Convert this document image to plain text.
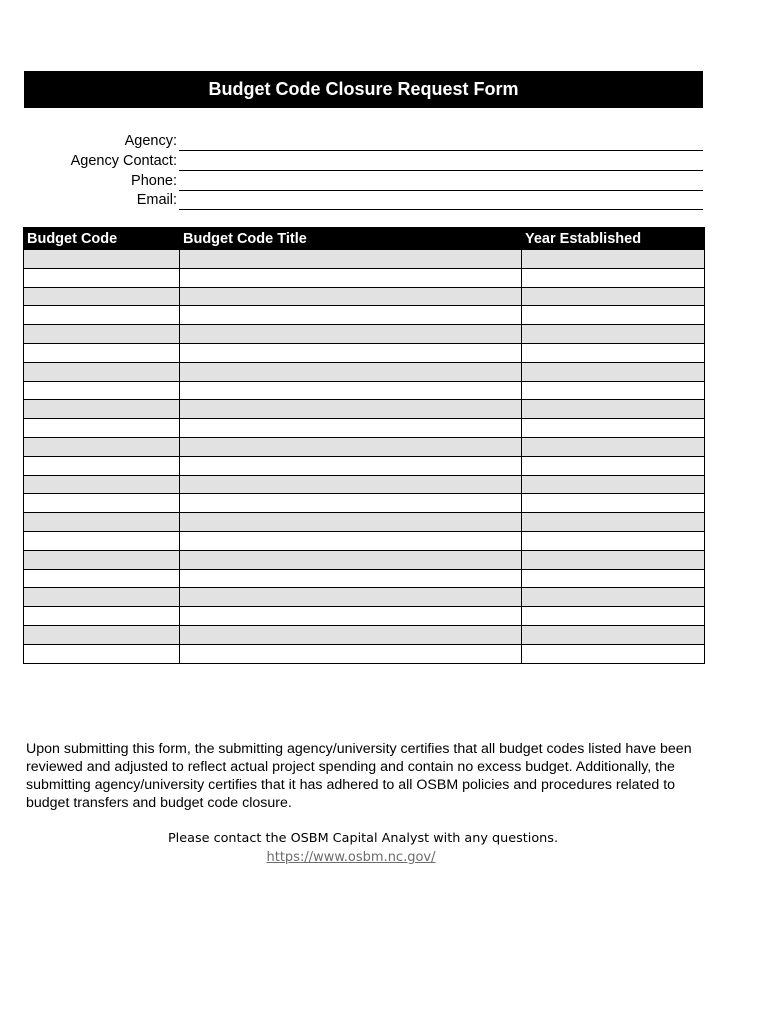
Budget Code Closure Request Form
Agency:
Agency Contact:
Phone:
Email:
Budget Code	Budget Code Title	Year Established

Upon submitting this form, the submitting agency/university certifies that all budget codes listed have been reviewed and adjusted to reflect actual project spending and contain no excess budget. Additionally, the submitting agency/university certifies that it has adhered to all OSBM policies and procedures related to budget transfers and budget code closure.
Please contact the OSBM Capital Analyst with any questions.
https://www.osbm.nc.gov/
